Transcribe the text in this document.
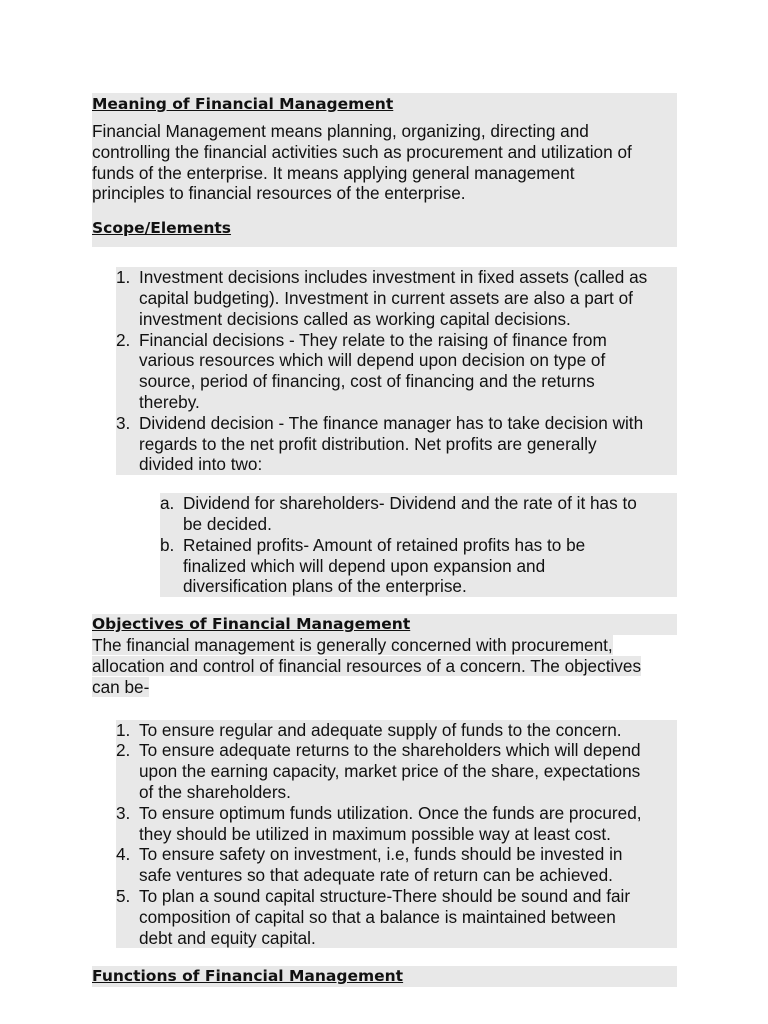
Meaning of Financial Management
Financial Management means planning, organizing, directing and
controlling the financial activities such as procurement and utilization of
funds of the enterprise. It means applying general management
principles to financial resources of the enterprise.
Scope/Elements
1. Investment decisions includes investment in fixed assets (called as
capital budgeting). Investment in current assets are also a part of
investment decisions called as working capital decisions.
2. Financial decisions - They relate to the raising of finance from
various resources which will depend upon decision on type of
source, period of financing, cost of financing and the returns
thereby.
3. Dividend decision - The finance manager has to take decision with
regards to the net profit distribution. Net profits are generally
divided into two:
a. Dividend for shareholders- Dividend and the rate of it has to
be decided.
b. Retained profits- Amount of retained profits has to be
finalized which will depend upon expansion and
diversification plans of the enterprise.
Objectives of Financial Management
The financial management is generally concerned with procurement,
allocation and control of financial resources of a concern. The objectives
can be-
1. To ensure regular and adequate supply of funds to the concern.
2. To ensure adequate returns to the shareholders which will depend
upon the earning capacity, market price of the share, expectations
of the shareholders.
3. To ensure optimum funds utilization. Once the funds are procured,
they should be utilized in maximum possible way at least cost.
4. To ensure safety on investment, i.e, funds should be invested in
safe ventures so that adequate rate of return can be achieved.
5. To plan a sound capital structure-There should be sound and fair
composition of capital so that a balance is maintained between
debt and equity capital.
Functions of Financial Management
